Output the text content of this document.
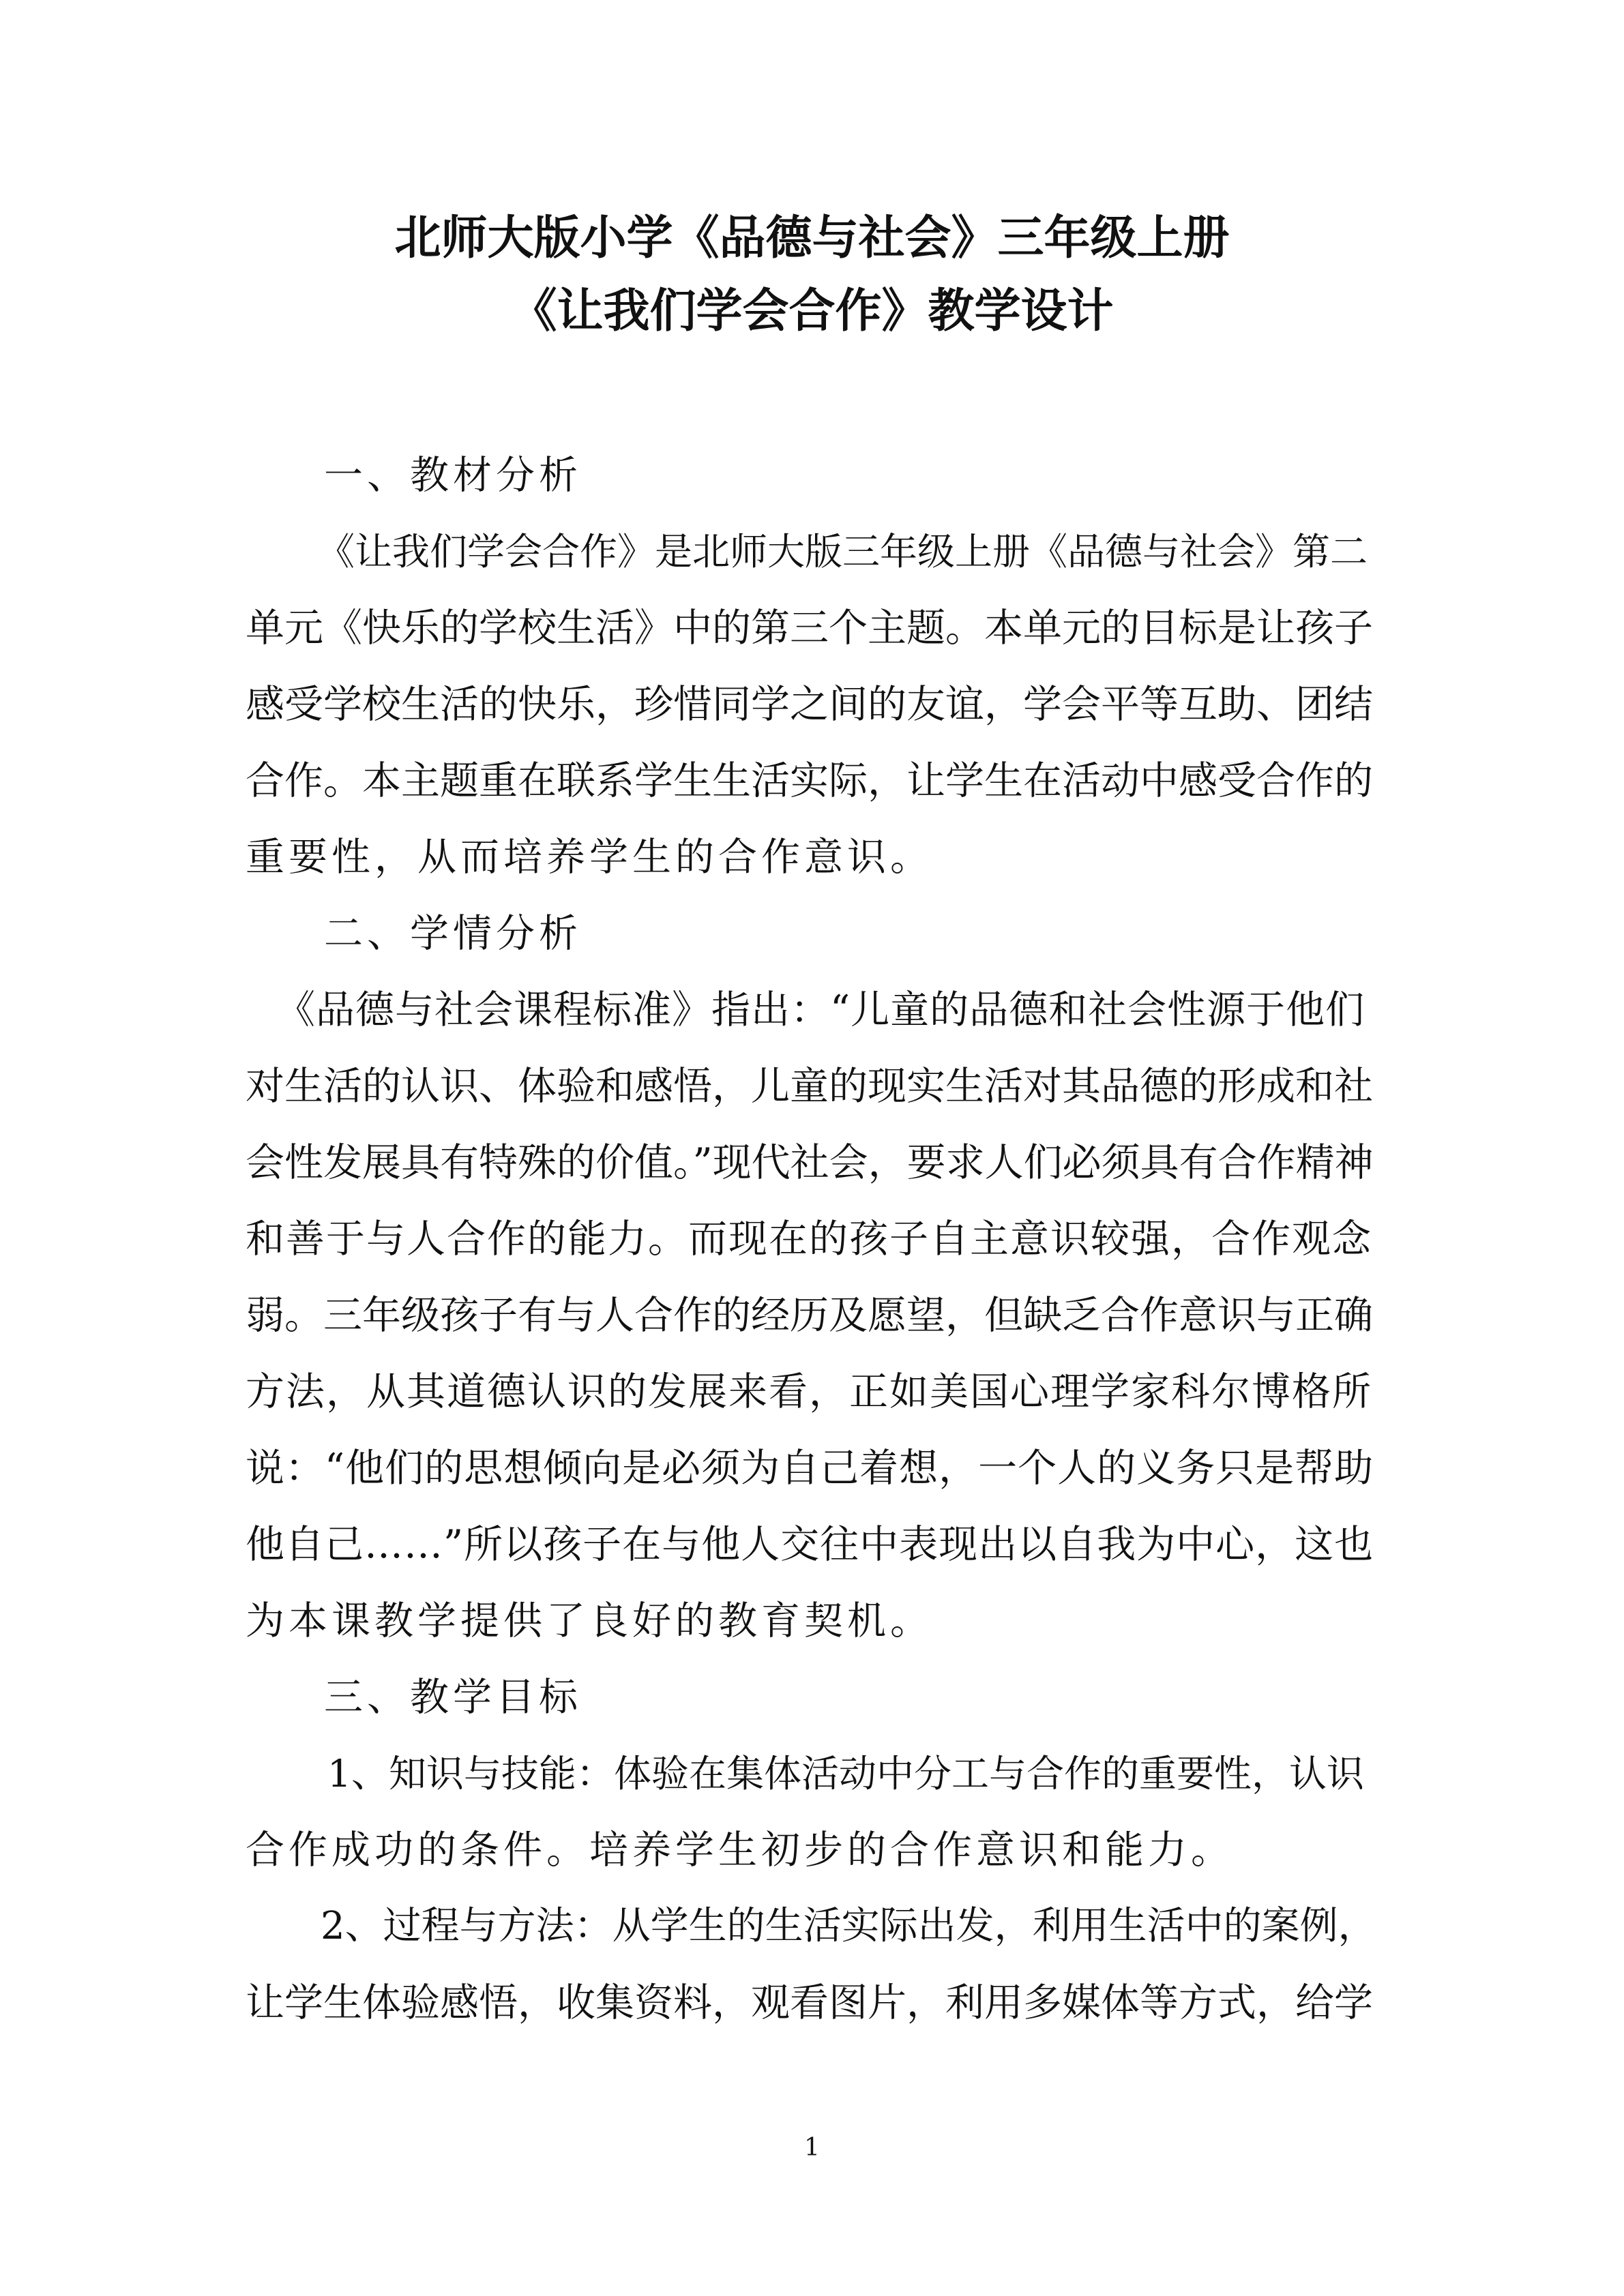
北师大版小学《品德与社会》三年级上册
《让我们学会合作》教学设计
一、教材分析
《让我们学会合作》是北师大版三年级上册《品德与社会》第二
单元《快乐的学校生活》中的第三个主题。本单元的目标是让孩子
感受学校生活的快乐，珍惜同学之间的友谊，学会平等互助、团结
合作。本主题重在联系学生生活实际，让学生在活动中感受合作的
重要性，从而培养学生的合作意识。
二、学情分析
《品德与社会课程标准》指出：“儿童的品德和社会性源于他们
对生活的认识、体验和感悟，儿童的现实生活对其品德的形成和社
会性发展具有特殊的价值。”现代社会，要求人们必须具有合作精神
和善于与人合作的能力。而现在的孩子自主意识较强，合作观念
弱。三年级孩子有与人合作的经历及愿望，但缺乏合作意识与正确
方法，从其道德认识的发展来看，正如美国心理学家科尔博格所
说：“他们的思想倾向是必须为自己着想，一个人的义务只是帮助
他自己……”所以孩子在与他人交往中表现出以自我为中心，这也
为本课教学提供了良好的教育契机。
三、教学目标
1、知识与技能：体验在集体活动中分工与合作的重要性，认识
合作成功的条件。培养学生初步的合作意识和能力。
2、过程与方法：从学生的生活实际出发，利用生活中的案例，
让学生体验感悟，收集资料，观看图片，利用多媒体等方式，给学
1
